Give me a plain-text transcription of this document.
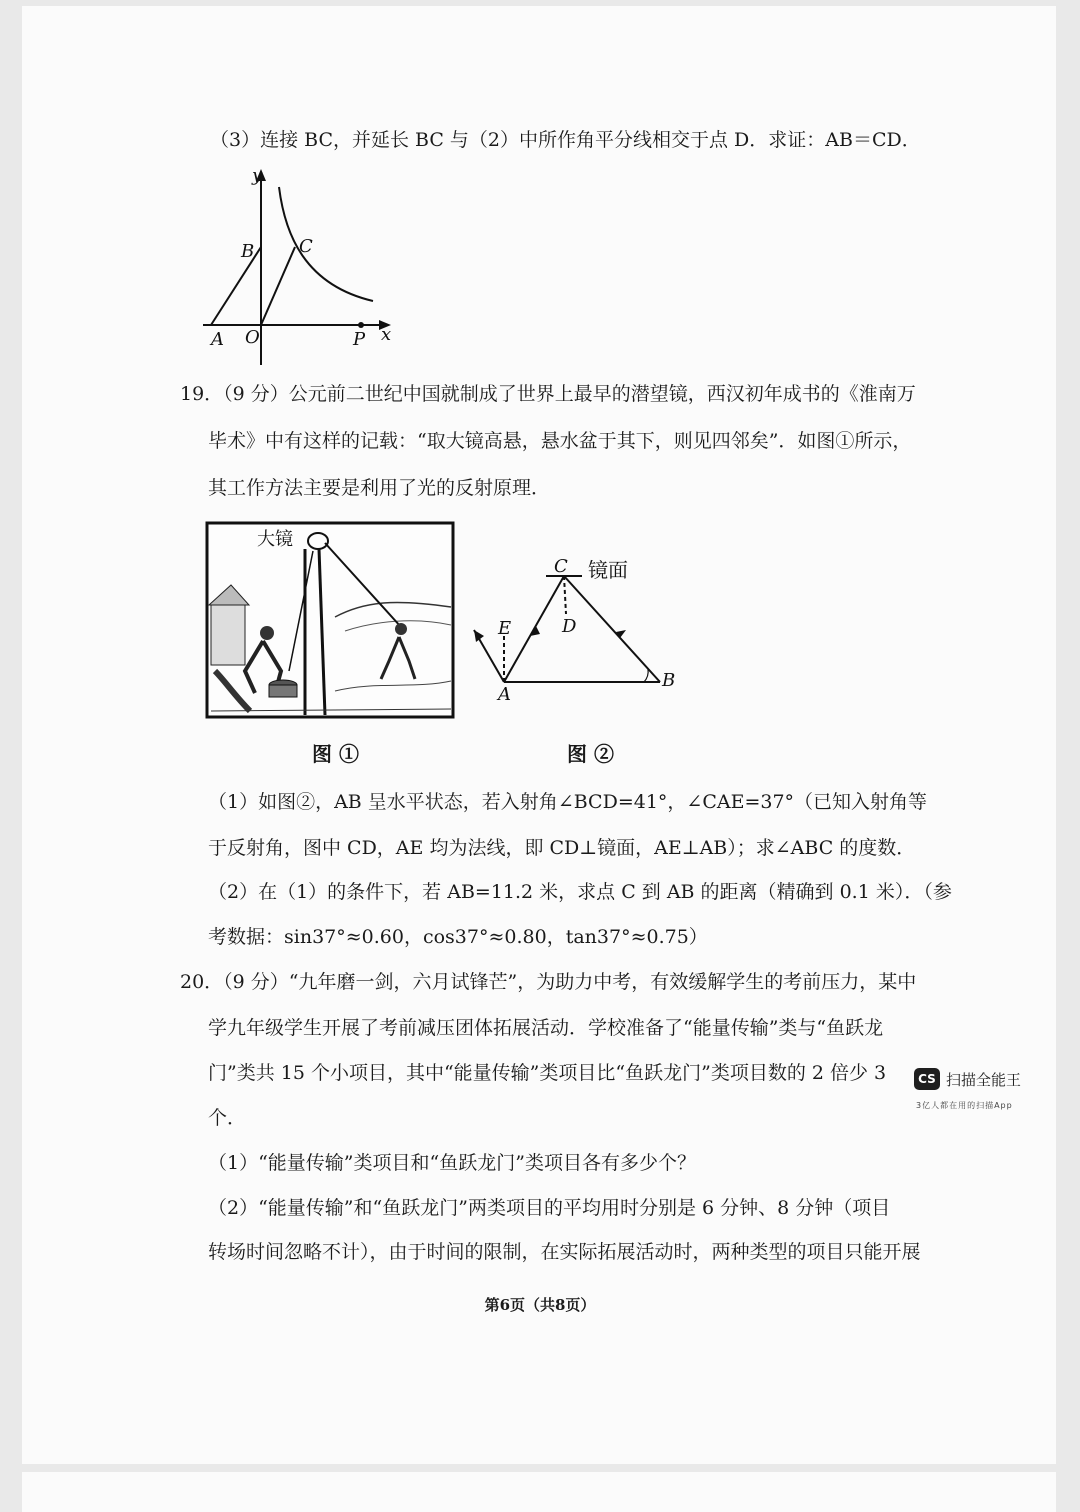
（3）连接 BC，并延长 BC 与（2）中所作角平分线相交于点 D．求证：AB＝CD．
y
x
A O
B C
P
19．（9 分）公元前二世纪中国就制成了世界上最早的潜望镜，西汉初年成书的《淮南万
毕术》中有这样的记载：“取大镜高悬，悬水盆于其下，则见四邻矣”．如图①所示，
其工作方法主要是利用了光的反射原理．
大镜
C 镜面
D
E
A
B
图 ①	图 ②
（1）如图②，AB 呈水平状态，若入射角∠BCD=41°，∠CAE=37°（已知入射角等
于反射角，图中 CD，AE 均为法线，即 CD⊥镜面，AE⊥AB）；求∠ABC 的度数．
（2）在（1）的条件下，若 AB=11.2 米，求点 C 到 AB 的距离（精确到 0.1 米）．（参
考数据：sin37°≈0.60，cos37°≈0.80，tan37°≈0.75）
20．（9 分）“九年磨一剑，六月试锋芒”，为助力中考，有效缓解学生的考前压力，某中
学九年级学生开展了考前减压团体拓展活动．学校准备了“能量传输”类与“鱼跃龙
门”类共 15 个小项目，其中“能量传输”类项目比“鱼跃龙门”类项目数的 2 倍少 3
个．
（1）“能量传输”类项目和“鱼跃龙门”类项目各有多少个？
（2）“能量传输”和“鱼跃龙门”两类项目的平均用时分别是 6 分钟、8 分钟（项目
转场时间忽略不计），由于时间的限制，在实际拓展活动时，两种类型的项目只能开展
第6页（共8页）
CS 扫描全能王
3亿人都在用的扫描App
